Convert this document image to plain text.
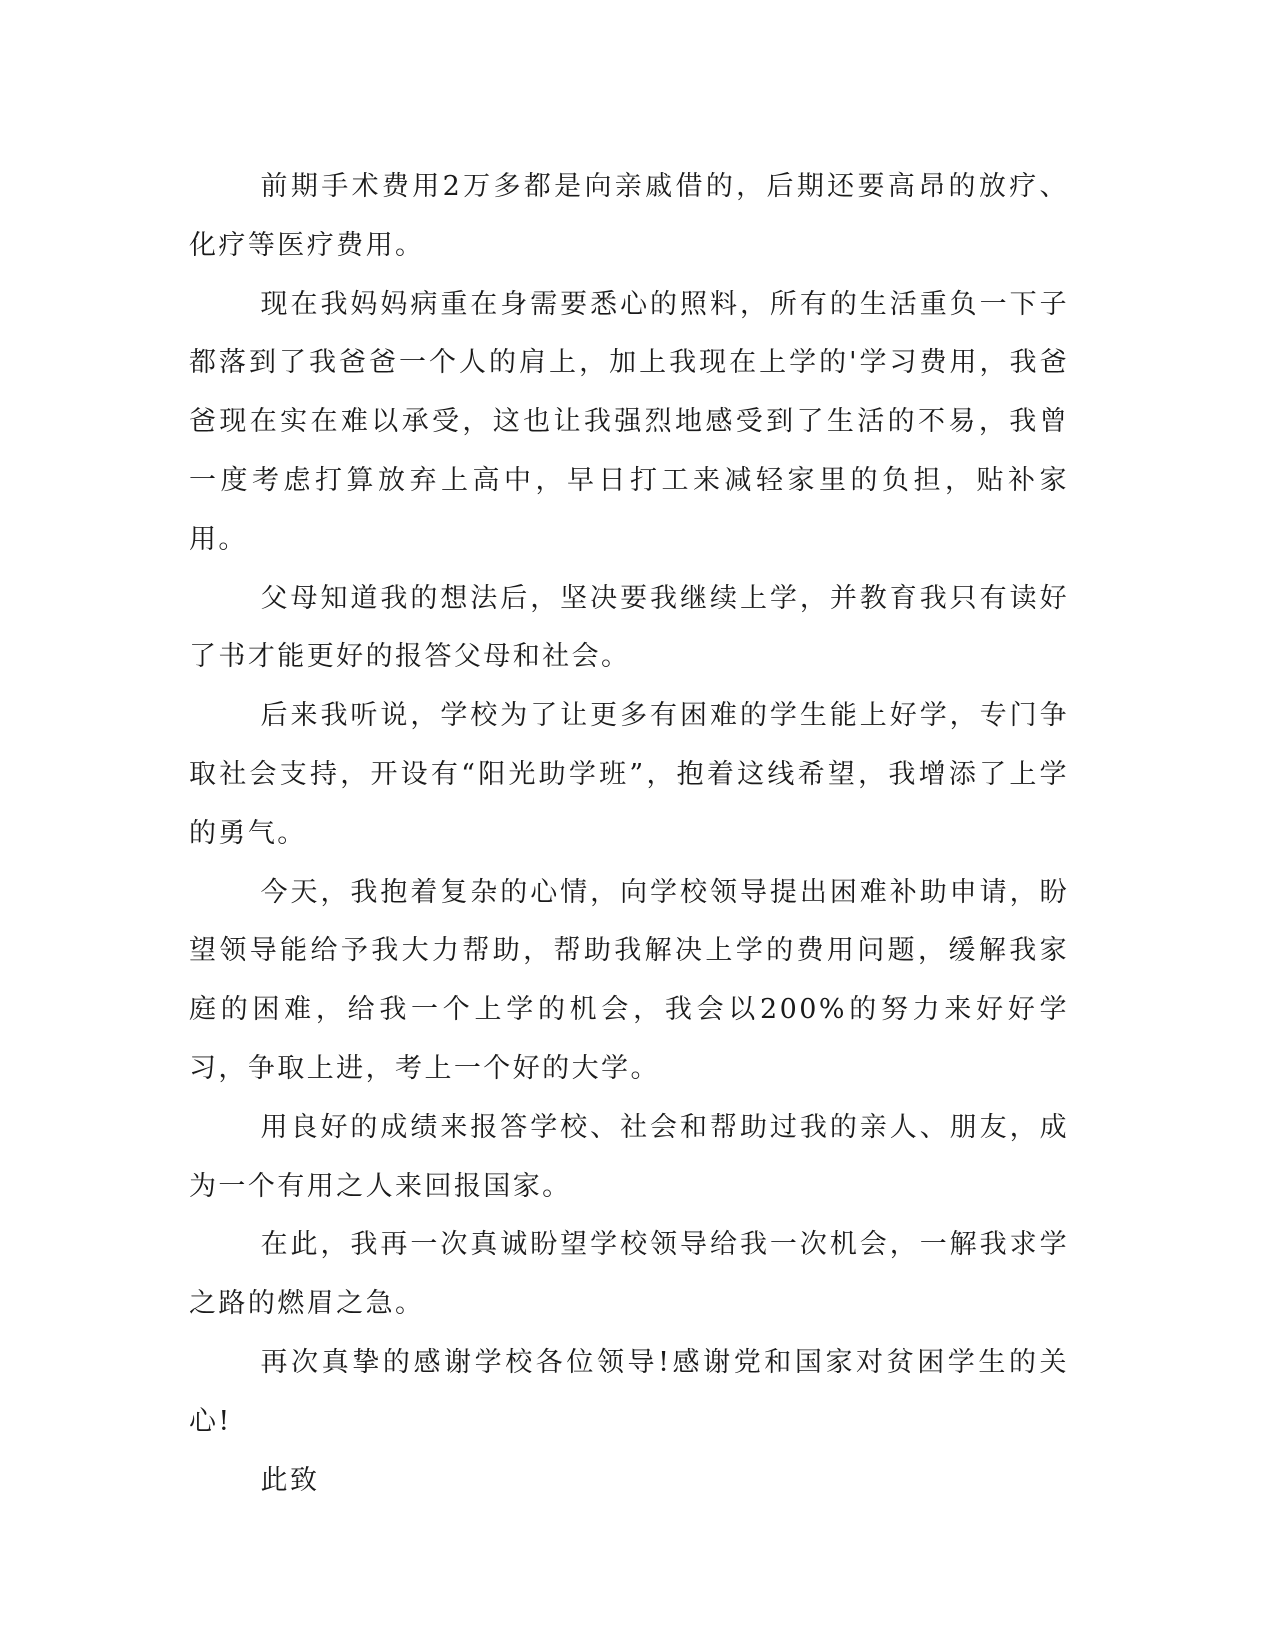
前期手术费用2万多都是向亲戚借的，后期还要高昂的放疗、化疗等医疗费用。

现在我妈妈病重在身需要悉心的照料，所有的生活重负一下子都落到了我爸爸一个人的肩上，加上我现在上学的'学习费用，我爸爸现在实在难以承受，这也让我强烈地感受到了生活的不易，我曾一度考虑打算放弃上高中，早日打工来减轻家里的负担，贴补家用。

父母知道我的想法后，坚决要我继续上学，并教育我只有读好了书才能更好的报答父母和社会。

后来我听说，学校为了让更多有困难的学生能上好学，专门争取社会支持，开设有“阳光助学班”，抱着这线希望，我增添了上学的勇气。

今天，我抱着复杂的心情，向学校领导提出困难补助申请，盼望领导能给予我大力帮助，帮助我解决上学的费用问题，缓解我家庭的困难，给我一个上学的机会，我会以200%的努力来好好学习，争取上进，考上一个好的大学。

用良好的成绩来报答学校、社会和帮助过我的亲人、朋友，成为一个有用之人来回报国家。

在此，我再一次真诚盼望学校领导给我一次机会，一解我求学之路的燃眉之急。

再次真挚的感谢学校各位领导!感谢党和国家对贫困学生的关心!

此致
